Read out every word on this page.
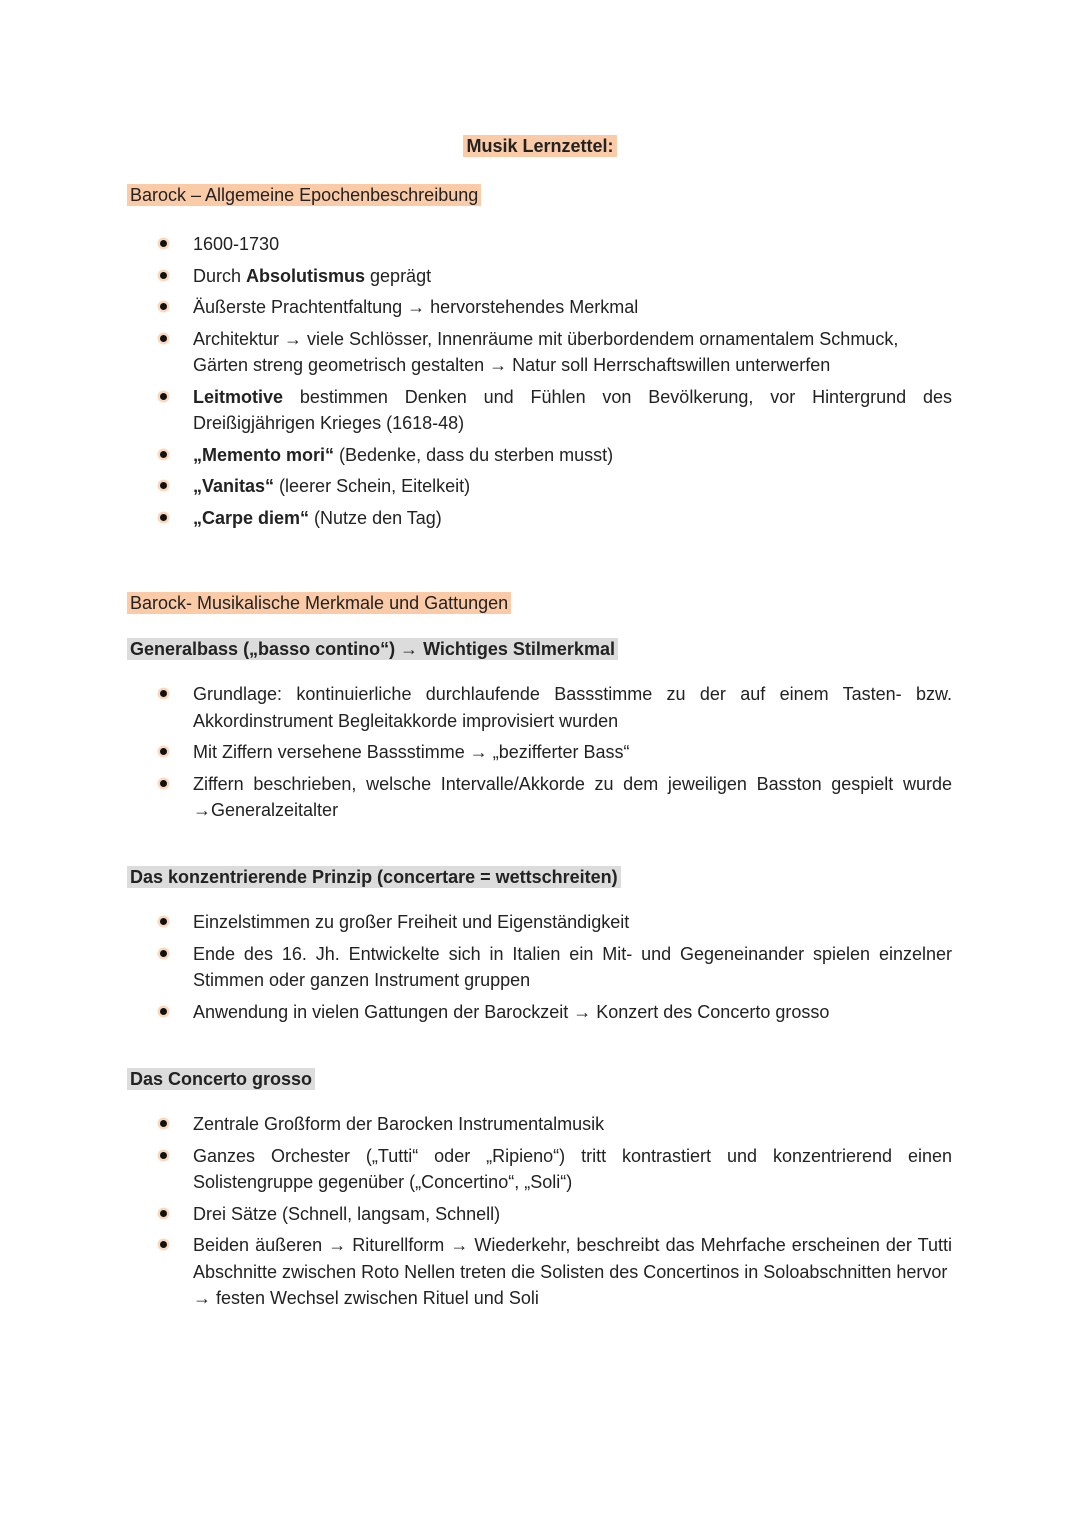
Musik Lernzettel:
Barock – Allgemeine Epochenbeschreibung
1600-1730
Durch Absolutismus geprägt
Äußerste Prachtentfaltung → hervorstehendes Merkmal
Architektur → viele Schlösser, Innenräume mit überbordendem ornamentalem Schmuck,
Gärten streng geometrisch gestalten → Natur soll Herrschaftswillen unterwerfen
Leitmotive bestimmen Denken und Fühlen von Bevölkerung, vor Hintergrund des Dreißigjährigen Krieges (1618-48)
„Memento mori“ (Bedenke, dass du sterben musst)
„Vanitas“ (leerer Schein, Eitelkeit)
„Carpe diem“ (Nutze den Tag)
Barock- Musikalische Merkmale und Gattungen
Generalbass („basso contino“) → Wichtiges Stilmerkmal
Grundlage: kontinuierliche durchlaufende Bassstimme zu der auf einem Tasten- bzw. Akkordinstrument Begleitakkorde improvisiert wurden
Mit Ziffern versehene Bassstimme → „bezifferter Bass“
Ziffern beschrieben, welsche Intervalle/Akkorde zu dem jeweiligen Basston gespielt wurde →Generalzeitalter
Das konzentrierende Prinzip (concertare = wettschreiten)
Einzelstimmen zu großer Freiheit und Eigenständigkeit
Ende des 16. Jh. Entwickelte sich in Italien ein Mit- und Gegeneinander spielen einzelner Stimmen oder ganzen Instrument gruppen
Anwendung in vielen Gattungen der Barockzeit → Konzert des Concerto grosso
Das Concerto grosso
Zentrale Großform der Barocken Instrumentalmusik
Ganzes Orchester („Tutti“ oder „Ripieno“) tritt kontrastiert und konzentrierend einen Solistengruppe gegenüber („Concertino“, „Soli“)
Drei Sätze (Schnell, langsam, Schnell)
Beiden äußeren → Riturellform → Wiederkehr, beschreibt das Mehrfache erscheinen der Tutti Abschnitte zwischen Roto Nellen treten die Solisten des Concertinos in Soloabschnitten hervor
→ festen Wechsel zwischen Rituel und Soli
